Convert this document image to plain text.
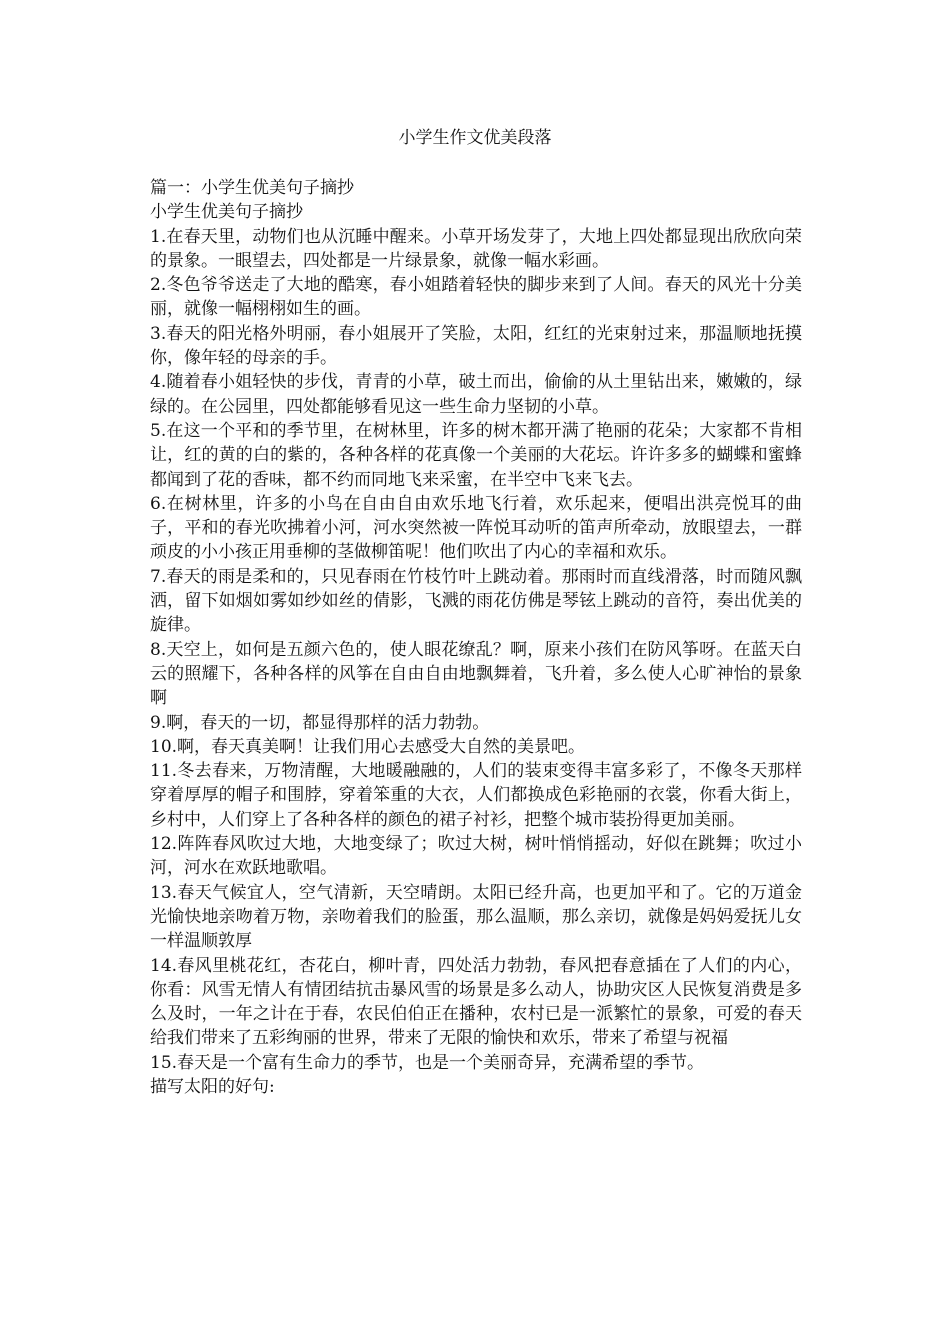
小学生作文优美段落

篇一：小学生优美句子摘抄

小学生优美句子摘抄

1.在春天里，动物们也从沉睡中醒来。小草开场发芽了，大地上四处都显现出欣欣向荣的景象。一眼望去，四处都是一片绿景象，就像一幅水彩画。

2.冬色爷爷送走了大地的酷寒，春小姐踏着轻快的脚步来到了人间。春天的风光十分美丽，就像一幅栩栩如生的画。

3.春天的阳光格外明丽，春小姐展开了笑脸，太阳，红红的光束射过来，那温顺地抚摸你，像年轻的母亲的手。

4.随着春小姐轻快的步伐，青青的小草，破土而出，偷偷的从土里钻出来，嫩嫩的，绿绿的。在公园里，四处都能够看见这一些生命力坚韧的小草。

5.在这一个平和的季节里，在树林里，许多的树木都开满了艳丽的花朵；大家都不肯相让，红的黄的白的紫的，各种各样的花真像一个美丽的大花坛。许许多多的蝴蝶和蜜蜂都闻到了花的香味，都不约而同地飞来采蜜，在半空中飞来飞去。

6.在树林里，许多的小鸟在自由自由欢乐地飞行着，欢乐起来，便唱出洪亮悦耳的曲子，平和的春光吹拂着小河，河水突然被一阵悦耳动听的笛声所牵动，放眼望去，一群顽皮的小小孩正用垂柳的茎做柳笛呢！他们吹出了内心的幸福和欢乐。

7.春天的雨是柔和的，只见春雨在竹枝竹叶上跳动着。那雨时而直线滑落，时而随风飘洒，留下如烟如雾如纱如丝的倩影，飞溅的雨花仿佛是琴铉上跳动的音符，奏出优美的旋律。

8.天空上，如何是五颜六色的，使人眼花缭乱？啊，原来小孩们在防风筝呀。在蓝天白云的照耀下，各种各样的风筝在自由自由地飘舞着，飞升着，多么使人心旷神怡的景象啊

9.啊，春天的一切，都显得那样的活力勃勃。

10.啊，春天真美啊！让我们用心去感受大自然的美景吧。

11.冬去春来，万物清醒，大地暖融融的，人们的装束变得丰富多彩了，不像冬天那样穿着厚厚的帽子和围脖，穿着笨重的大衣，人们都换成色彩艳丽的衣裳，你看大街上，乡村中，人们穿上了各种各样的颜色的裙子衬衫，把整个城市装扮得更加美丽。

12.阵阵春风吹过大地，大地变绿了；吹过大树，树叶悄悄摇动，好似在跳舞；吹过小河，河水在欢跃地歌唱。

13.春天气候宜人，空气清新，天空晴朗。太阳已经升高，也更加平和了。它的万道金光愉快地亲吻着万物，亲吻着我们的脸蛋，那么温顺，那么亲切，就像是妈妈爱抚儿女一样温顺敦厚

14.春风里桃花红，杏花白，柳叶青，四处活力勃勃，春风把春意插在了人们的内心，你看：风雪无情人有情团结抗击暴风雪的场景是多么动人，协助灾区人民恢复消费是多么及时，一年之计在于春，农民伯伯正在播种，农村已是一派繁忙的景象，可爱的春天给我们带来了五彩绚丽的世界，带来了无限的愉快和欢乐，带来了希望与祝福

15.春天是一个富有生命力的季节，也是一个美丽奇异，充满希望的季节。

描写太阳的好句:
